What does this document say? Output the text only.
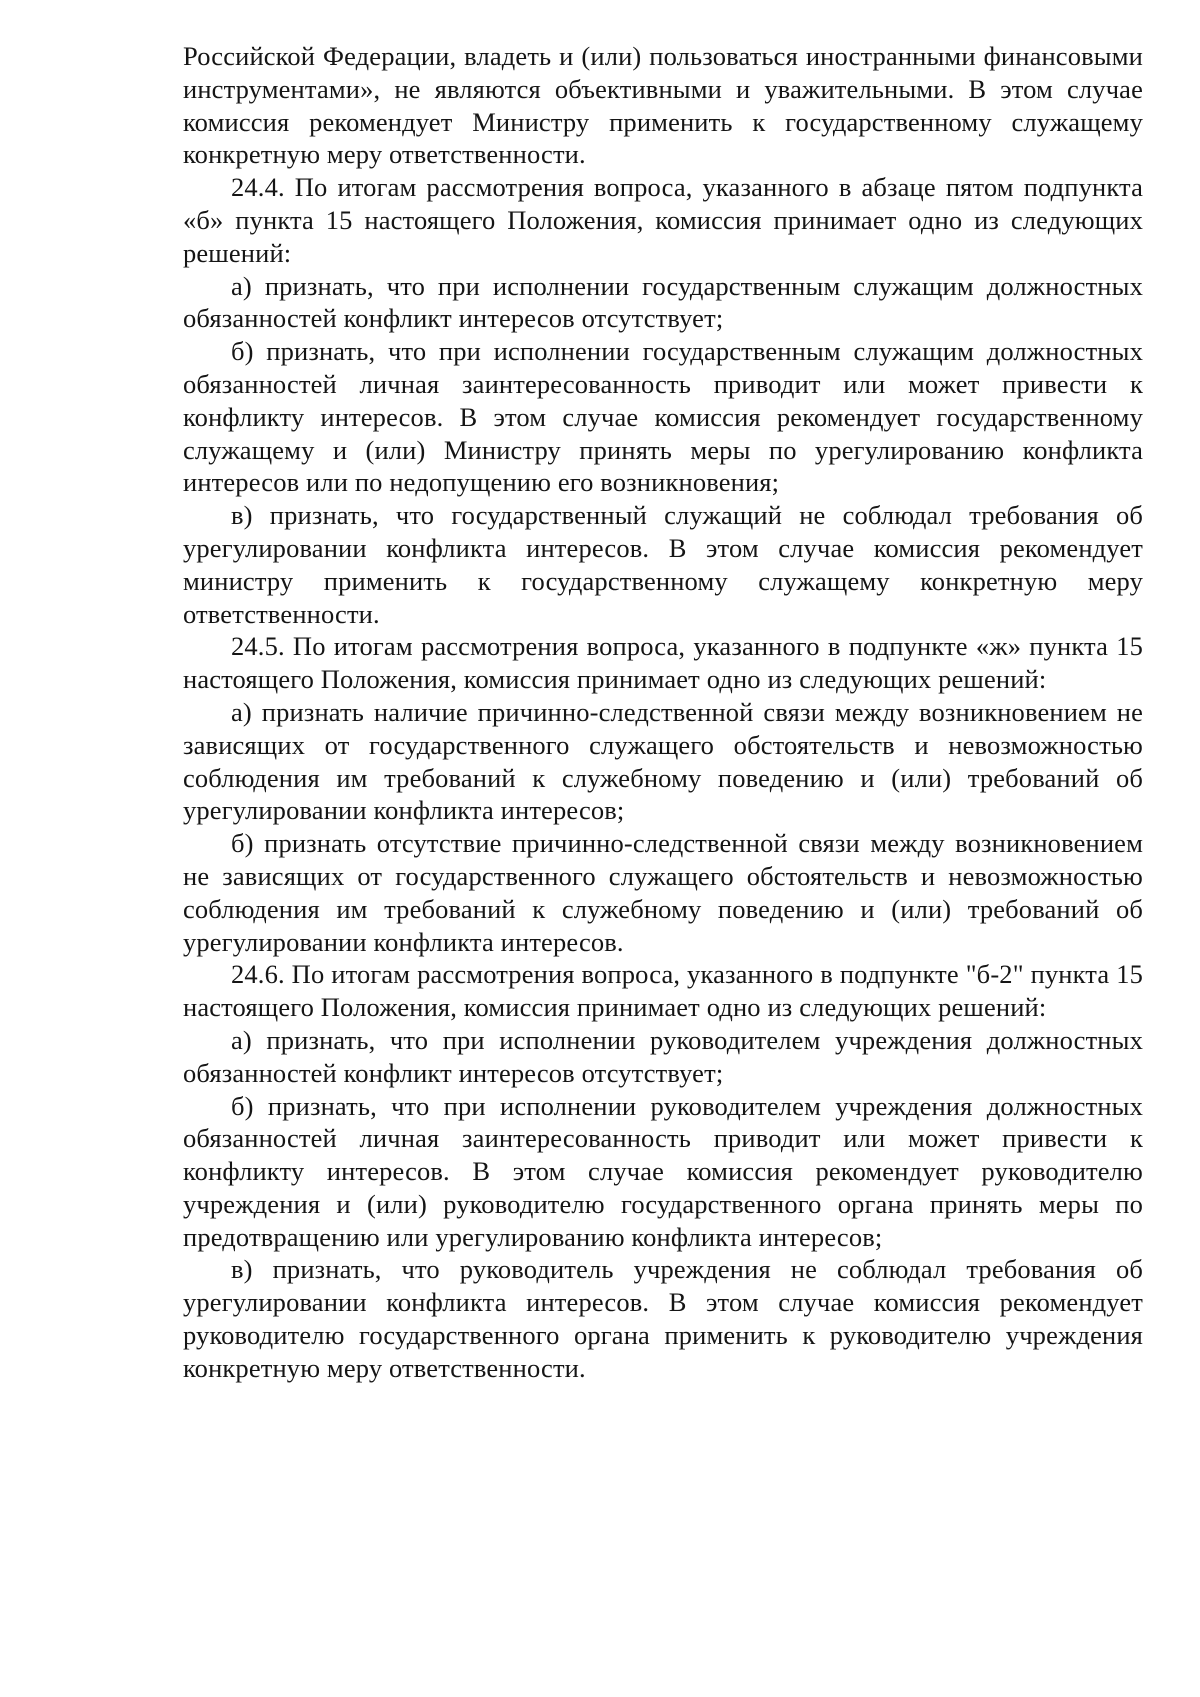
Российской Федерации, владеть и (или) пользоваться иностранными финансовыми инструментами», не являются объективными и уважительными. В этом случае комиссия рекомендует Министру применить к государственному служащему конкретную меру ответственности.

24.4. По итогам рассмотрения вопроса, указанного в абзаце пятом подпункта «б» пункта 15 настоящего Положения, комиссия принимает одно из следующих решений:

а) признать, что при исполнении государственным служащим должностных обязанностей конфликт интересов отсутствует;

б) признать, что при исполнении государственным служащим должностных обязанностей личная заинтересованность приводит или может привести к конфликту интересов. В этом случае комиссия рекомендует государственному служащему и (или) Министру принять меры по урегулированию конфликта интересов или по недопущению его возникновения;

в) признать, что государственный служащий не соблюдал требования об урегулировании конфликта интересов. В этом случае комиссия рекомендует министру применить к государственному служащему конкретную меру ответственности.

24.5. По итогам рассмотрения вопроса, указанного в подпункте «ж» пункта 15 настоящего Положения, комиссия принимает одно из следующих решений:

а) признать наличие причинно-следственной связи между возникновением не зависящих от государственного служащего обстоятельств и невозможностью соблюдения им требований к служебному поведению и (или) требований об урегулировании конфликта интересов;

б) признать отсутствие причинно-следственной связи между возникновением не зависящих от государственного служащего обстоятельств и невозможностью соблюдения им требований к служебному поведению и (или) требований об урегулировании конфликта интересов.

24.6. По итогам рассмотрения вопроса, указанного в подпункте "б-2" пункта 15 настоящего Положения, комиссия принимает одно из следующих решений:

а) признать, что при исполнении руководителем учреждения должностных обязанностей конфликт интересов отсутствует;

б) признать, что при исполнении руководителем учреждения должностных обязанностей личная заинтересованность приводит или может привести к конфликту интересов. В этом случае комиссия рекомендует руководителю учреждения и (или) руководителю государственного органа принять меры по предотвращению или урегулированию конфликта интересов;

в) признать, что руководитель учреждения не соблюдал требования об урегулировании конфликта интересов. В этом случае комиссия рекомендует руководителю государственного органа применить к руководителю учреждения конкретную меру ответственности.
